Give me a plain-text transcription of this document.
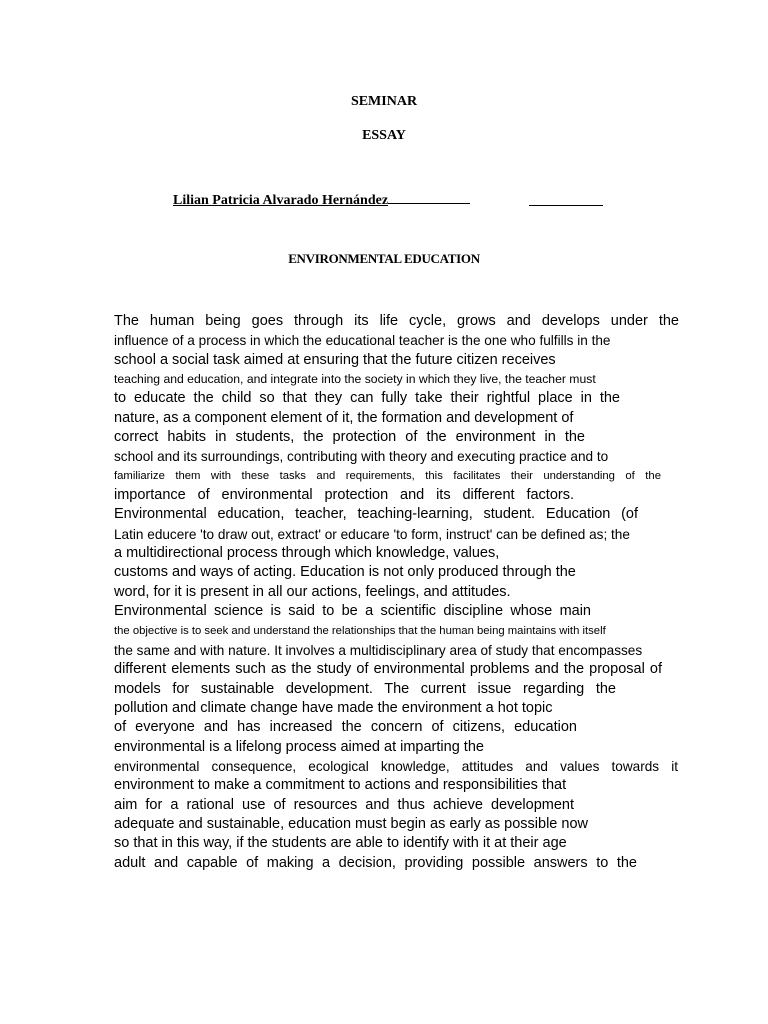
SEMINAR
ESSAY
Lilian Patricia Alvarado Hernández
ENVIRONMENTAL EDUCATION
The human being goes through its life cycle, grows and develops under the
influence of a process in which the educational teacher is the one who fulfills in the
school a social task aimed at ensuring that the future citizen receives
teaching and education, and integrate into the society in which they live, the teacher must
to educate the child so that they can fully take their rightful place in the
nature, as a component element of it, the formation and development of
correct habits in students, the protection of the environment in the
school and its surroundings, contributing with theory and executing practice and to
familiarize them with these tasks and requirements, this facilitates their understanding of the
importance of environmental protection and its different factors.
Environmental education, teacher, teaching-learning, student. Education (of
Latin educere 'to draw out, extract' or educare 'to form, instruct' can be defined as; the
a multidirectional process through which knowledge, values,
customs and ways of acting. Education is not only produced through the
word, for it is present in all our actions, feelings, and attitudes.
Environmental science is said to be a scientific discipline whose main
the objective is to seek and understand the relationships that the human being maintains with itself
the same and with nature. It involves a multidisciplinary area of study that encompasses
different elements such as the study of environmental problems and the proposal of
models for sustainable development. The current issue regarding the
pollution and climate change have made the environment a hot topic
of everyone and has increased the concern of citizens, education
environmental is a lifelong process aimed at imparting the
environmental consequence, ecological knowledge, attitudes and values towards it
environment to make a commitment to actions and responsibilities that
aim for a rational use of resources and thus achieve development
adequate and sustainable, education must begin as early as possible now
so that in this way, if the students are able to identify with it at their age
adult and capable of making a decision, providing possible answers to the
